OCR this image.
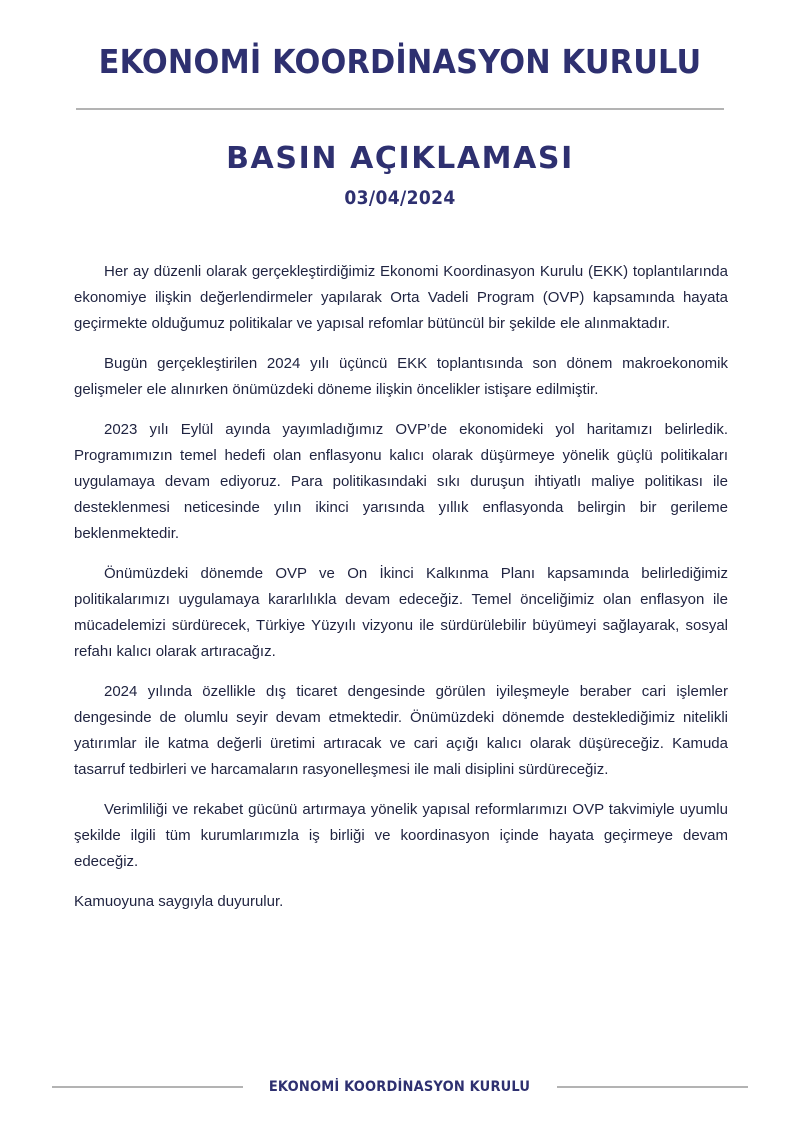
EKONOMİ KOORDİNASYON KURULU
BASIN AÇIKLAMASI
03/04/2024

Her ay düzenli olarak gerçekleştirdiğimiz Ekonomi Koordinasyon Kurulu (EKK) toplantılarında ekonomiye ilişkin değerlendirmeler yapılarak Orta Vadeli Program (OVP) kapsamında hayata geçirmekte olduğumuz politikalar ve yapısal refomlar bütüncül bir şekilde ele alınmaktadır.

Bugün gerçekleştirilen 2024 yılı üçüncü EKK toplantısında son dönem makroekonomik gelişmeler ele alınırken önümüzdeki döneme ilişkin öncelikler istişare edilmiştir.

2023 yılı Eylül ayında yayımladığımız OVP’de ekonomideki yol haritamızı belirledik. Programımızın temel hedefi olan enflasyonu kalıcı olarak düşürmeye yönelik güçlü politikaları uygulamaya devam ediyoruz. Para politikasındaki sıkı duruşun ihtiyatlı maliye politikası ile desteklenmesi neticesinde yılın ikinci yarısında yıllık enflasyonda belirgin bir gerileme beklenmektedir.

Önümüzdeki dönemde OVP ve On İkinci Kalkınma Planı kapsamında belirlediğimiz politikalarımızı uygulamaya kararlılıkla devam edeceğiz. Temel önceliğimiz olan enflasyon ile mücadelemizi sürdürecek, Türkiye Yüzyılı vizyonu ile sürdürülebilir büyümeyi sağlayarak, sosyal refahı kalıcı olarak artıracağız.

2024 yılında özellikle dış ticaret dengesinde görülen iyileşmeyle beraber cari işlemler dengesinde de olumlu seyir devam etmektedir. Önümüzdeki dönemde desteklediğimiz nitelikli yatırımlar ile katma değerli üretimi artıracak ve cari açığı kalıcı olarak düşüreceğiz. Kamuda tasarruf tedbirleri ve harcamaların rasyonelleşmesi ile mali disiplini sürdüreceğiz.

Verimliliği ve rekabet gücünü artırmaya yönelik yapısal reformlarımızı OVP takvimiyle uyumlu şekilde ilgili tüm kurumlarımızla iş birliği ve koordinasyon içinde hayata geçirmeye devam edeceğiz.

Kamuoyuna saygıyla duyurulur.

EKONOMİ KOORDİNASYON KURULU
